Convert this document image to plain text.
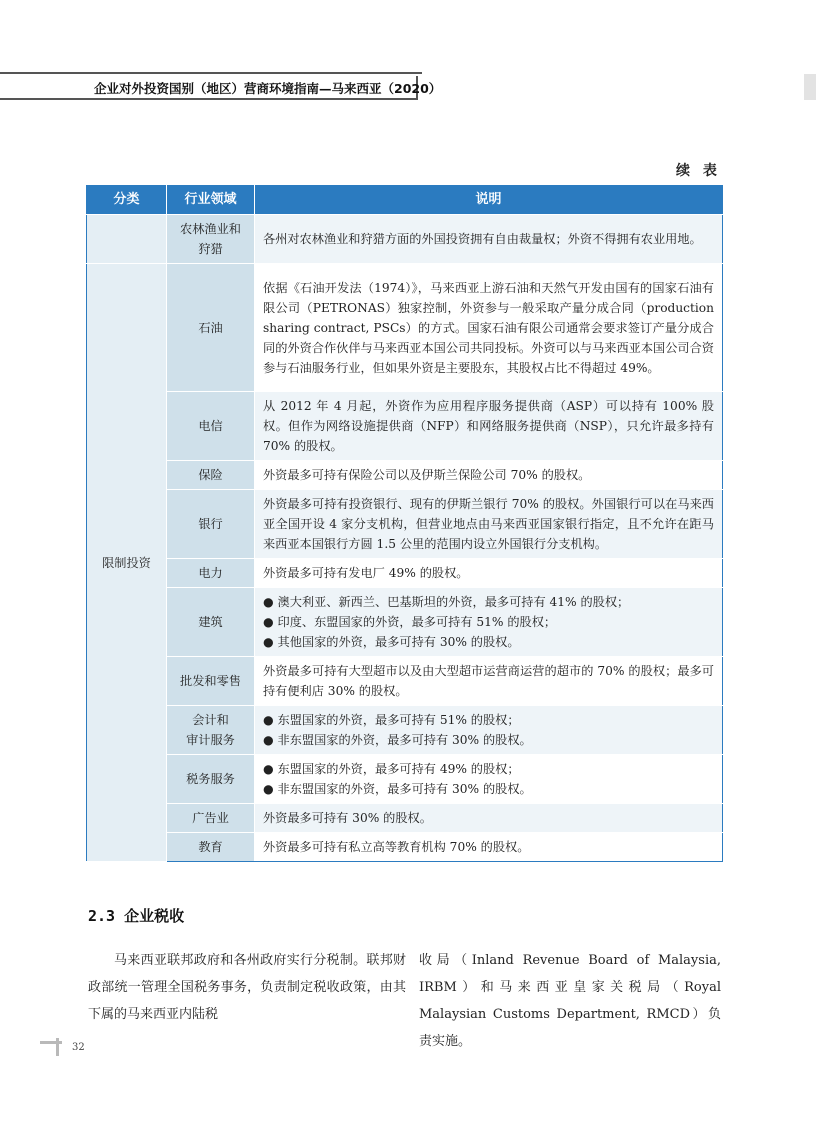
企业对外投资国别（地区）营商环境指南—马来西亚（2020）
续 表
分类	行业领域	说明
	农林渔业和狩猎	各州对农林渔业和狩猎方面的外国投资拥有自由裁量权；外资不得拥有农业用地。
限制投资	石油	依据《石油开发法（1974）》，马来西亚上游石油和天然气开发由国有的国家石油有限公司（PETRONAS）独家控制，外资参与一般采取产量分成合同（production sharing contract, PSCs）的方式。国家石油有限公司通常会要求签订产量分成合同的外资合作伙伴与马来西亚本国公司共同投标。外资可以与马来西亚本国公司合资参与石油服务行业，但如果外资是主要股东，其股权占比不得超过 49%。
	电信	从 2012 年 4 月起，外资作为应用程序服务提供商（ASP）可以持有 100% 股权。但作为网络设施提供商（NFP）和网络服务提供商（NSP），只允许最多持有 70% 的股权。
	保险	外资最多可持有保险公司以及伊斯兰保险公司 70% 的股权。
	银行	外资最多可持有投资银行、现有的伊斯兰银行 70% 的股权。外国银行可以在马来西亚全国开设 4 家分支机构，但营业地点由马来西亚国家银行指定，且不允许在距马来西亚本国银行方圆 1.5 公里的范围内设立外国银行分支机构。
	电力	外资最多可持有发电厂 49% 的股权。
	建筑	● 澳大利亚、新西兰、巴基斯坦的外资，最多可持有 41% 的股权；
● 印度、东盟国家的外资，最多可持有 51% 的股权；
● 其他国家的外资，最多可持有 30% 的股权。

	批发和零售	外资最多可持有大型超市以及由大型超市运营商运营的超市的 70% 的股权；最多可持有便利店 30% 的股权。

	会计和
审计服务	● 东盟国家的外资，最多可持有 51% 的股权；
● 非东盟国家的外资，最多可持有 30% 的股权。

	税务服务	● 东盟国家的外资，最多可持有 49% 的股权；
● 非东盟国家的外资，最多可持有 30% 的股权。

	广告业	外资最多可持有 30% 的股权。
	教育	外资最多可持有私立高等教育机构 70% 的股权。
2.3 企业税收
马来西亚联邦政府和各州政府实行分税制。联邦财政部统一管理全国税务事务，负责制定税收政策，由其下属的马来西亚内陆税
收局（Inland Revenue Board of Malaysia, IRBM）和马来西亚皇家关税局（Royal Malaysian Customs Department, RMCD）负责实施。
32
